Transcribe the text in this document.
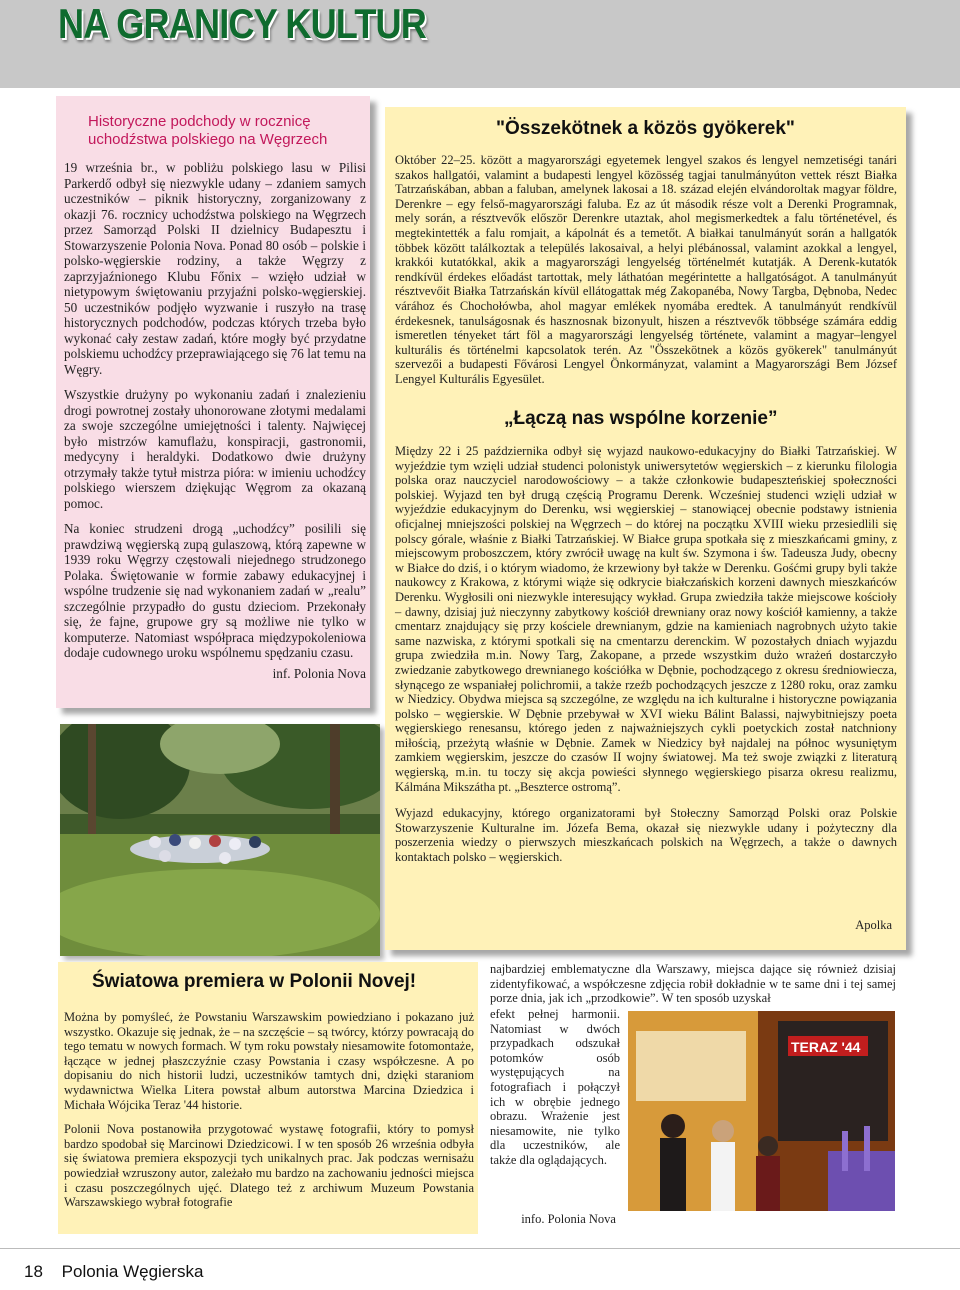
NA GRANICY KULTUR
Historyczne podchody w rocznicę uchodźstwa polskiego na Węgrzech

19 września br., w pobliżu polskiego lasu w Pilisi Parkerdő odbył się niezwykle udany – zdaniem samych uczestników – piknik historyczny, zorganizowany z okazji 76. rocznicy uchodźstwa polskiego na Węgrzech przez Samorząd Polski II dzielnicy Budapesztu i Stowarzyszenie Polonia Nova. Ponad 80 osób – polskie i polsko-węgierskie rodziny, a także Węgrzy z zaprzyjaźnionego Klubu Főnix – wzięło udział w nietypowym świętowaniu przyjaźni polsko-węgierskiej. 50 uczestników podjęło wyzwanie i ruszyło na trasę historycznych podchodów, podczas których trzeba było wykonać cały zestaw zadań, które mogły być przydatne polskiemu uchodźcy przeprawiającego się 76 lat temu na Węgry.

Wszystkie drużyny po wykonaniu zadań i znalezieniu drogi powrotnej zostały uhonorowane złotymi medalami za swoje szczególne umiejętności i talenty. Najwięcej było mistrzów kamuflażu, konspiracji, gastronomii, medycyny i heraldyki. Dodatkowo dwie drużyny otrzymały także tytuł mistrza pióra: w imieniu uchodźcy polskiego wierszem dziękując Węgrom za okazaną pomoc.

Na koniec strudzeni drogą „uchodźcy” posilili się prawdziwą węgierską zupą gulaszową, którą zapewne w 1939 roku Węgrzy częstowali niejednego strudzonego Polaka. Świętowanie w formie zabawy edukacyjnej i wspólne trudzenie się nad wykonaniem zadań w „realu” szczególnie przypadło do gustu dzieciom. Przekonały się, że fajne, grupowe gry są możliwe nie tylko w komputerze. Natomiast współpraca międzypokoleniowa dodaje cudownego uroku wspólnemu spędzaniu czasu.

inf. Polonia Nova
"Összekötnek a közös gyökerek"
Október 22–25. között a magyarországi egyetemek lengyel szakos és lengyel nemzetiségi tanári szakos hallgatói, valamint a budapesti lengyel közösség tagjai tanulmányúton vettek részt Białka Tatrzańskában, abban a faluban, amelynek lakosai a 18. század elején elvándoroltak magyar földre, Derenkre – egy felső-magyarországi faluba. Ez az út második része volt a Derenki Programnak, mely során, a résztvevők először Derenkre utaztak, ahol megismerkedtek a falu történetével, és megtekintették a falu romjait, a kápolnát és a temetőt. A białkai tanulmányút során a hallgatók többek között találkoztak a település lakosaival, a helyi plébánossal, valamint azokkal a lengyel, krakkói kutatókkal, akik a magyarországi lengyelség történelmét kutatják. A Derenk-kutatók rendkívül érdekes előadást tartottak, mely láthatóan megérintette a hallgatóságot. A tanulmányút résztvevőit Białka Tatrzańskán kívül ellátogattak még Zakopanéba, Nowy Targba, Dębnoba, Nedec várához és Chochołówba, ahol magyar emlékek nyomába eredtek. A tanulmányút rendkívül érdekesnek, tanulságosnak és hasznosnak bizonyult, hiszen a résztvevők többsége számára eddig ismeretlen tényeket tárt föl a magyarországi lengyelség története, valamint a magyar–lengyel kulturális és történelmi kapcsolatok terén. Az "Összekötnek a közös gyökerek" tanulmányút szervezői a budapesti Fővárosi Lengyel Önkormányzat, valamint a Magyarországi Bem József Lengyel Kulturális Egyesület.
„Łączą nas wspólne korzenie”

Między 22 i 25 października odbył się wyjazd naukowo-edukacyjny do Białki Tatrzańskiej. W wyjeździe tym wzięli udział studenci polonistyk uniwersytetów węgierskich – z kierunku filologia polska oraz nauczyciel narodowościowy – a także członkowie budapeszteńskiej społeczności polskiej. Wyjazd ten był drugą częścią Programu Derenk. Wcześniej studenci wzięli udział w wyjeździe edukacyjnym do Derenku, wsi węgierskiej – stanowiącej obecnie podstawy istnienia oficjalnej mniejszości polskiej na Węgrzech – do której na początku XVIII wieku przesiedlili się polscy górale, właśnie z Białki Tatrzańskiej. W Białce grupa spotkała się z mieszkańcami gminy, z miejscowym proboszczem, który zwrócił uwagę na kult św. Szymona i św. Tadeusza Judy, obecny w Białce do dziś, i o którym wiadomo, że krzewiony był także w Derenku. Gośćmi grupy byli także naukowcy z Krakowa, z którymi wiąże się odkrycie białczańskich korzeni dawnych mieszkańców Derenku. Wygłosili oni niezwykle interesujący wykład. Grupa zwiedziła także miejscowe kościoły – dawny, dzisiaj już nieczynny zabytkowy kościół drewniany oraz nowy kościół kamienny, a także cmentarz znajdujący się przy kościele drewnianym, gdzie na kamieniach nagrobnych użyto takie same nazwiska, z którymi spotkali się na cmentarzu derenckim. W pozostałych dniach wyjazdu grupa zwiedziła m.in. Nowy Targ, Zakopane, a przede wszystkim dużo wrażeń dostarczyło zwiedzanie zabytkowego drewnianego kościółka w Dębnie, pochodzącego z okresu średniowiecza, słynącego ze wspaniałej polichromii, a także rzeźb pochodzących jeszcze z 1280 roku, oraz zamku w Niedzicy. Obydwa miejsca są szczególne, ze względu na ich kulturalne i historyczne powiązania polsko – węgierskie. W Dębnie przebywał w XVI wieku Bálint Balassi, najwybitniejszy poeta węgierskiego renesansu, którego jeden z najważniejszych cykli poetyckich został natchniony miłością, przeżytą właśnie w Dębnie. Zamek w Niedzicy był najdalej na północ wysuniętym zamkiem węgierskim, jeszcze do czasów II wojny światowej. Ma też swoje związki z literaturą węgierską, m.in. tu toczy się akcja powieści słynnego węgierskiego pisarza okresu realizmu, Kálmána Mikszátha pt. „Beszterce ostromą”.

Wyjazd edukacyjny, którego organizatorami był Stołeczny Samorząd Polski oraz Polskie Stowarzyszenie Kulturalne im. Józefa Bema, okazał się niezwykle udany i pożyteczny dla poszerzenia wiedzy o pierwszych mieszkańcach polskich na Węgrzech, a także o dawnych kontaktach polsko – węgierskich.

Apolka
Światowa premiera w Polonii Novej!

Można by pomyśleć, że Powstaniu Warszawskim powiedziano i pokazano już wszystko. Okazuje się jednak, że – na szczęście – są twórcy, którzy powracają do tego tematu w nowych formach. W tym roku powstały niesamowite fotomontaże, łączące w jednej płaszczyźnie czasy Powstania i czasy współczesne. A po dopisaniu do nich historii ludzi, uczestników tamtych dni, dzięki staraniom wydawnictwa Wielka Litera powstał album autorstwa Marcina Dziedzica i Michała Wójcika Teraz '44 historie.

Polonii Nova postanowiła przygotować wystawę fotografii, który to pomysł bardzo spodobał się Marcinowi Dziedzicowi. I w ten sposób 26 września odbyła się światowa premiera ekspozycji tych unikalnych prac. Jak podczas wernisażu powiedział wzruszony autor, zależało mu bardzo na zachowaniu jedności miejsca i czasu poszczególnych ujęć. Dlatego też z archiwum Muzeum Powstania Warszawskiego wybrał fotografie

najbardziej emblematyczne dla Warszawy, miejsca dające się również dzisiaj zidentyfikować, a współczesne zdjęcia robił dokładnie w te same dni i tej samej porze dnia, jak ich „przodkowie”. W ten sposób uzyskał
efekt pełnej harmonii. Natomiast w dwóch przypadkach odszukał potomków osób występujących na fotografiach i połączył ich w obrębie jednego obrazu. Wrażenie jest niesamowite, nie tylko dla uczestników, ale także dla oglądających.
info. Polonia Nova
TERAZ '44
18 Polonia Węgierska
